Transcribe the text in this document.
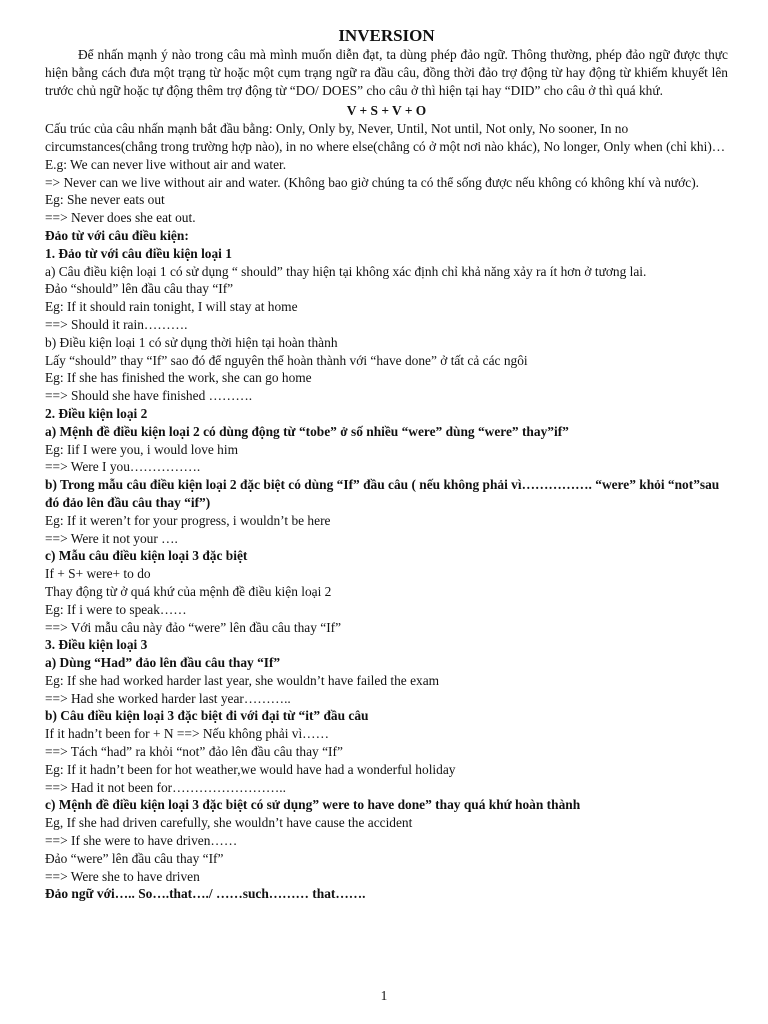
INVERSION
Để nhấn mạnh ý nào trong câu mà mình muốn diễn đạt, ta dùng phép đảo ngữ. Thông thường, phép đảo ngữ được thực hiện bằng cách đưa một trạng từ hoặc một cụm trạng ngữ ra đầu câu, đồng thời đảo trợ động từ hay động từ khiếm khuyết lên trước chủ ngữ hoặc tự động thêm trợ động từ “DO/ DOES” cho câu ở thì hiện tại hay “DID” cho câu ở thì quá khứ.
V + S + V + O
Cấu trúc của câu nhấn mạnh bắt đầu bằng: Only, Only by, Never, Until, Not until, Not only, No sooner, In no circumstances(chẳng trong trường hợp nào), in no where else(chẳng có ở một nơi nào khác), No longer, Only when (chỉ khi)…
E.g: We can never live without air and water.
=> Never can we live without air and water. (Không bao giờ chúng ta có thể sống được nếu không có không khí và nước).
Eg: She never eats out
==> Never does she eat out.
Đảo từ với câu điều kiện:
1. Đảo từ với câu điều kiện loại 1
a) Câu điều kiện loại 1 có sử dụng “ should” thay hiện tại không xác định chỉ khả năng xảy ra ít hơn ở tương lai.
Đảo “should” lên đầu câu thay “If”
Eg: If it should rain tonight, I will stay at home
==> Should it rain……….
b) Điều kiện loại 1 có sử dụng thời hiện tại hoàn thành
Lấy “should” thay “If” sao đó để nguyên thể hoàn thành với “have done” ở tất cả các ngôi
Eg: If she has finished the work, she can go home
==> Should she have finished ……….
2. Điều kiện loại 2
a) Mệnh đề điều kiện loại 2 có dùng động từ “tobe” ở số nhiều “were” dùng “were” thay”if”
Eg: Iif I were you, i would love him
==> Were I you…………….
b) Trong mẫu câu điều kiện loại 2 đặc biệt có dùng “If” đầu câu ( nếu không phải vì……………. “were” khỏi “not”sau đó đảo lên đầu câu thay “if”)
Eg: If it weren’t for your progress, i wouldn’t be here
==> Were it not your ….
c) Mẫu câu điều kiện loại 3 đặc biệt
If + S+ were+ to do
Thay động từ ở quá khứ của mệnh đề điều kiện loại 2
Eg: If i were to speak……
==> Với mẫu câu này đảo “were” lên đầu câu thay “If”
3. Điều kiện loại 3
a) Dùng “Had” đảo lên đầu câu thay “If”
Eg: If she had worked harder last year, she wouldn’t have failed the exam
==> Had she worked harder last year………..
b) Câu điều kiện loại 3 đặc biệt đi với đại từ “it” đầu câu
If it hadn’t been for + N ==> Nếu không phải vì……
==> Tách “had” ra khỏi “not” đảo lên đầu câu thay “If”
Eg: If it hadn’t been for hot weather,we would have had a wonderful holiday
==> Had it not been for……………………..
c) Mệnh đề điều kiện loại 3 đặc biệt có sử dụng” were to have done” thay quá khứ hoàn thành
Eg, If she had driven carefully, she wouldn’t have cause the accident
==> If she were to have driven……
Đảo “were” lên đầu câu thay “If”
==> Were she to have driven
Đảo ngữ với….. So….that…./ ……such……… that…….
1
